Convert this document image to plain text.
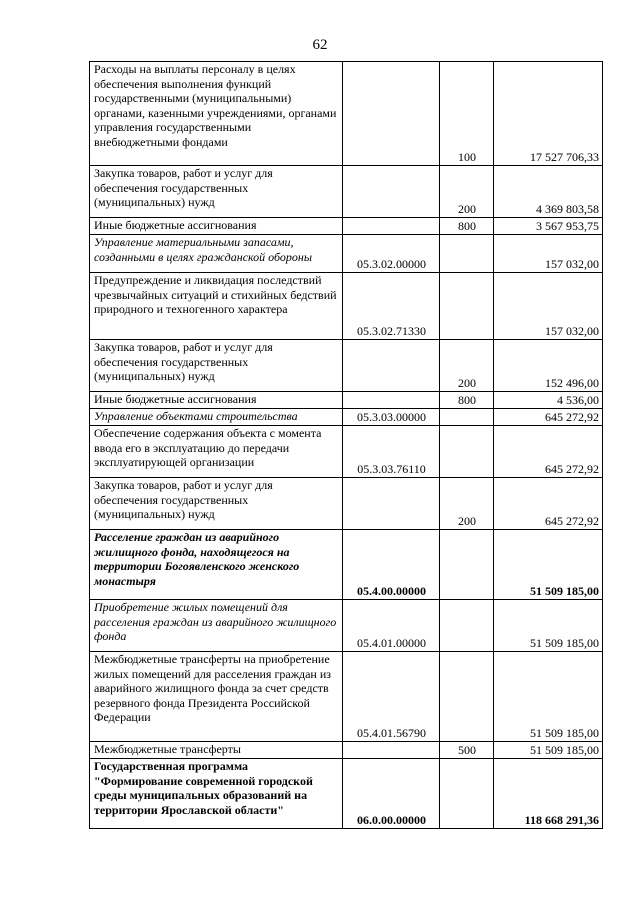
62
Расходы на выплаты персоналу в целях обеспечения выполнения функций государственными (муниципальными) органами, казенными учреждениями, органами управления государственными внебюджетными фондами		100	17 527 706,33
Закупка товаров, работ и услуг для обеспечения государственных (муниципальных) нужд		200	4 369 803,58
Иные бюджетные ассигнования		800	3 567 953,75
Управление материальными запасами, созданными в целях гражданской обороны	05.3.02.00000		157 032,00
Предупреждение и ликвидация последствий чрезвычайных ситуаций и стихийных бедствий природного и техногенного характера	05.3.02.71330		157 032,00
Закупка товаров, работ и услуг для обеспечения государственных (муниципальных) нужд		200	152 496,00
Иные бюджетные ассигнования		800	4 536,00
Управление объектами строительства	05.3.03.00000		645 272,92
Обеспечение содержания объекта с момента ввода его в эксплуатацию до передачи эксплуатирующей организации	05.3.03.76110		645 272,92
Закупка товаров, работ и услуг для обеспечения государственных (муниципальных) нужд		200	645 272,92
Расселение граждан из аварийного жилищного фонда, находящегося на территории Богоявленского женского монастыря	05.4.00.00000		51 509 185,00
Приобретение жилых помещений для расселения граждан из аварийного жилищного фонда	05.4.01.00000		51 509 185,00
Межбюджетные трансферты на приобретение жилых помещений для расселения граждан из аварийного жилищного фонда за счет средств резервного фонда Президента Российской Федерации	05.4.01.56790		51 509 185,00
Межбюджетные трансферты		500	51 509 185,00
Государственная программа "Формирование современной городской среды муниципальных образований на территории Ярославской области"	06.0.00.00000		118 668 291,36
